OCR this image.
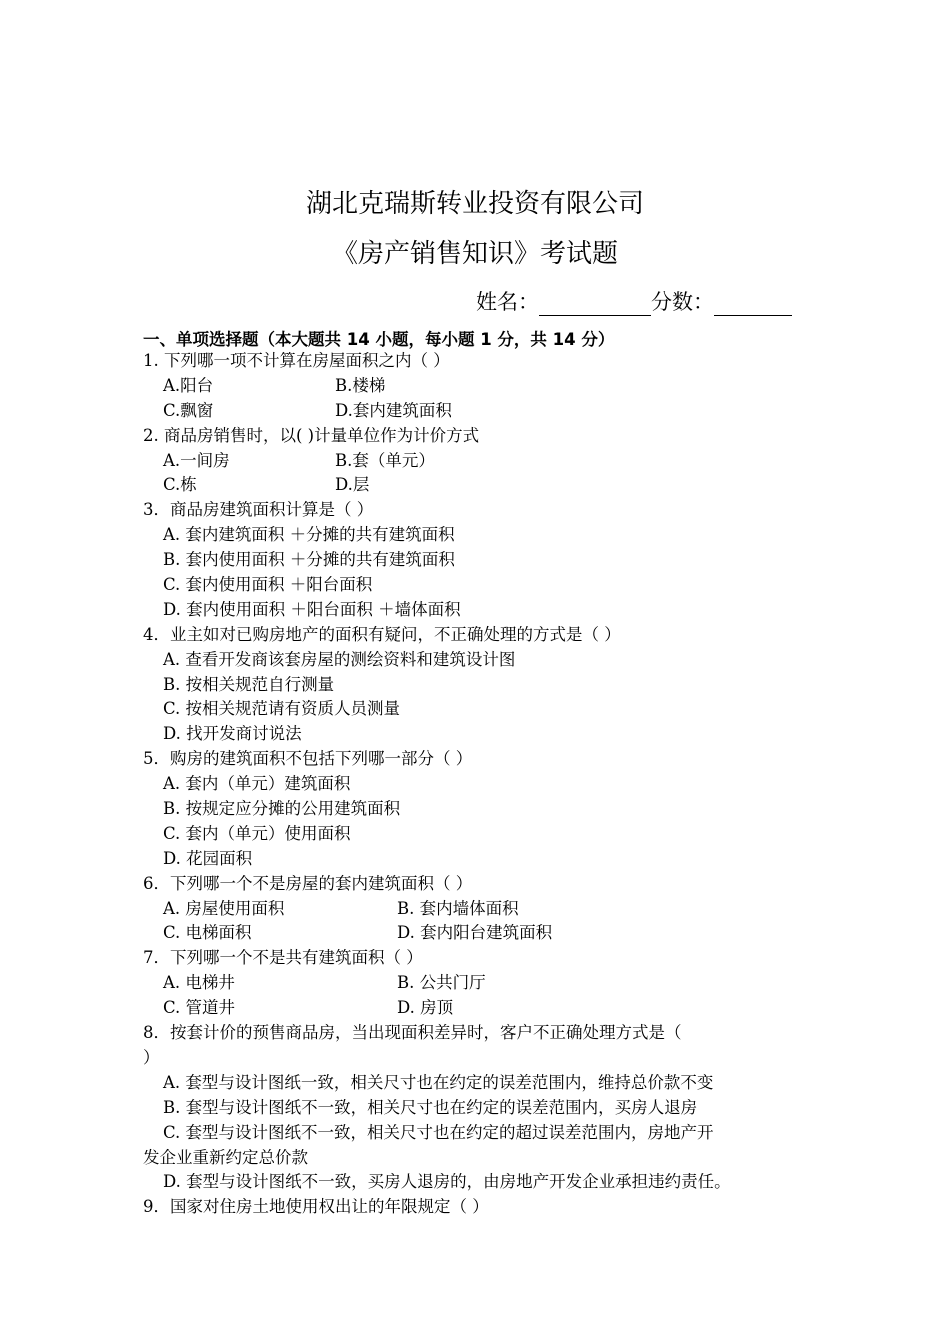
湖北克瑞斯转业投资有限公司
《房产销售知识》考试题
姓名：	分数：
一、单项选择题（本大题共 14 小题，每小题 1 分，共 14 分）
1. 下列哪一项不计算在房屋面积之内（ ）
A.阳台	B.楼梯
C.飘窗	D.套内建筑面积
2. 商品房销售时，以( )计量单位作为计价方式
A.一间房	B.套（单元）
C.栋	D.层
3．商品房建筑面积计算是（ ）
A. 套内建筑面积 ＋分摊的共有建筑面积
B. 套内使用面积 ＋分摊的共有建筑面积
C. 套内使用面积 ＋阳台面积
D. 套内使用面积 ＋阳台面积 ＋墙体面积
4．业主如对已购房地产的面积有疑问，不正确处理的方式是（ ）
A. 查看开发商该套房屋的测绘资料和建筑设计图
B. 按相关规范自行测量
C. 按相关规范请有资质人员测量
D. 找开发商讨说法
5．购房的建筑面积不包括下列哪一部分（ ）
A. 套内（单元）建筑面积
B. 按规定应分摊的公用建筑面积
C. 套内（单元）使用面积
D. 花园面积
6．下列哪一个不是房屋的套内建筑面积（ ）
A. 房屋使用面积	B. 套内墙体面积
C. 电梯面积	D. 套内阳台建筑面积
7．下列哪一个不是共有建筑面积（ ）
A. 电梯井	B. 公共门厅
C. 管道井	D. 房顶
8．按套计价的预售商品房，当出现面积差异时，客户不正确处理方式是（
）
A. 套型与设计图纸一致，相关尺寸也在约定的误差范围内，维持总价款不变
B. 套型与设计图纸不一致，相关尺寸也在约定的误差范围内，买房人退房
C. 套型与设计图纸不一致，相关尺寸也在约定的超过误差范围内，房地产开
发企业重新约定总价款
D. 套型与设计图纸不一致，买房人退房的，由房地产开发企业承担违约责任。
9．国家对住房土地使用权出让的年限规定（ ）
